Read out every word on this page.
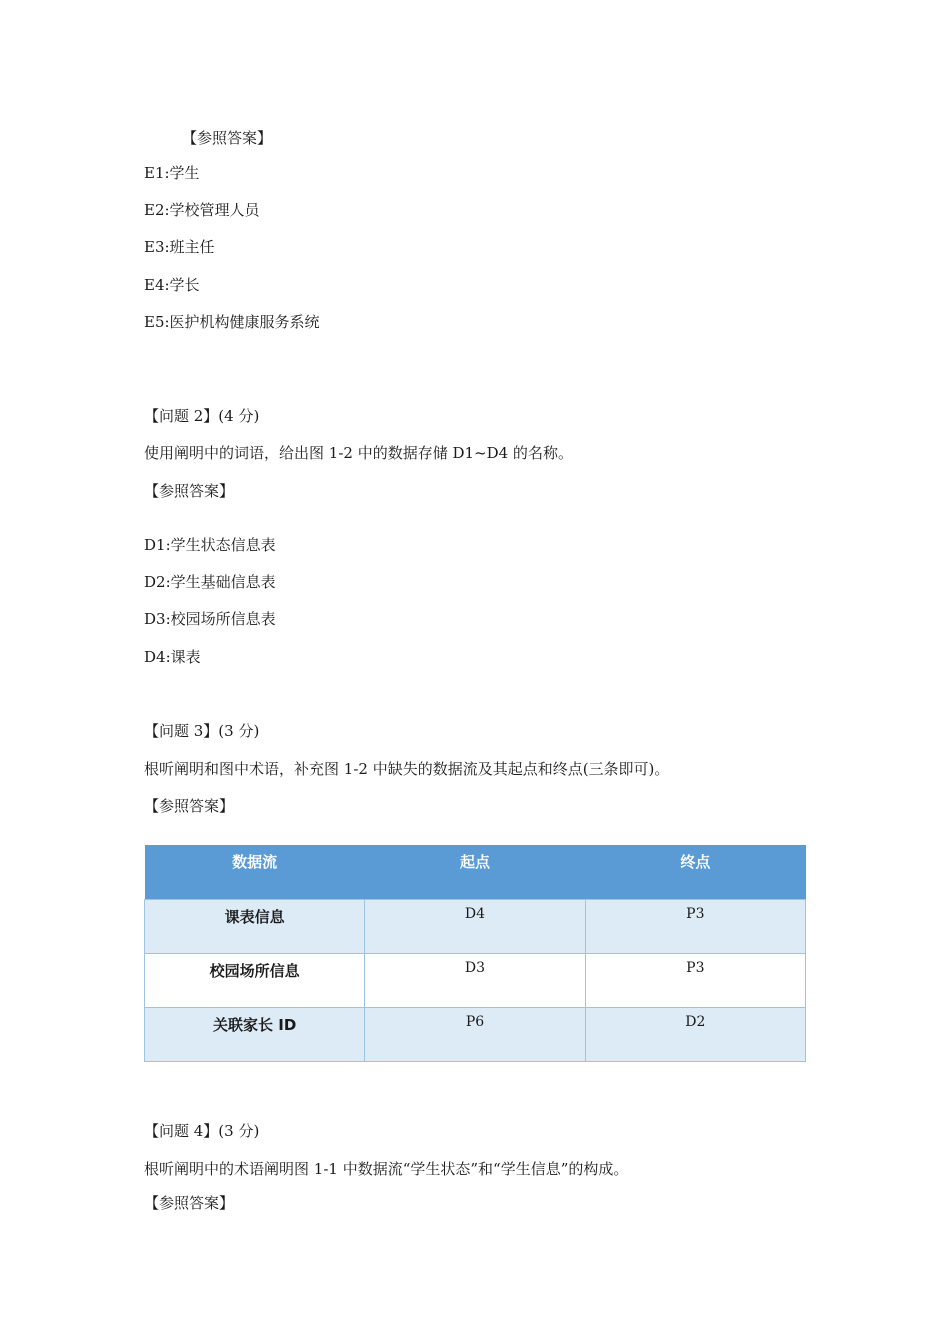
【参照答案】
E1:学生
E2:学校管理人员
E3:班主任
E4:学长
E5:医护机构健康服务系统
【问题 2】(4 分)
使用阐明中的词语，给出图 1-2 中的数据存储 D1~D4 的名称。
【参照答案】
D1:学生状态信息表
D2:学生基础信息表
D3:校园场所信息表
D4:课表
【问题 3】(3 分)
根听阐明和图中术语，补充图 1-2 中缺失的数据流及其起点和终点(三条即可)。
【参照答案】
数据流	起点	终点
课表信息	D4	P3
校园场所信息	D3	P3
关联家长 ID	P6	D2
【问题 4】(3 分)
根听阐明中的术语阐明图 1-1 中数据流“学生状态”和“学生信息”的构成。
【参照答案】
